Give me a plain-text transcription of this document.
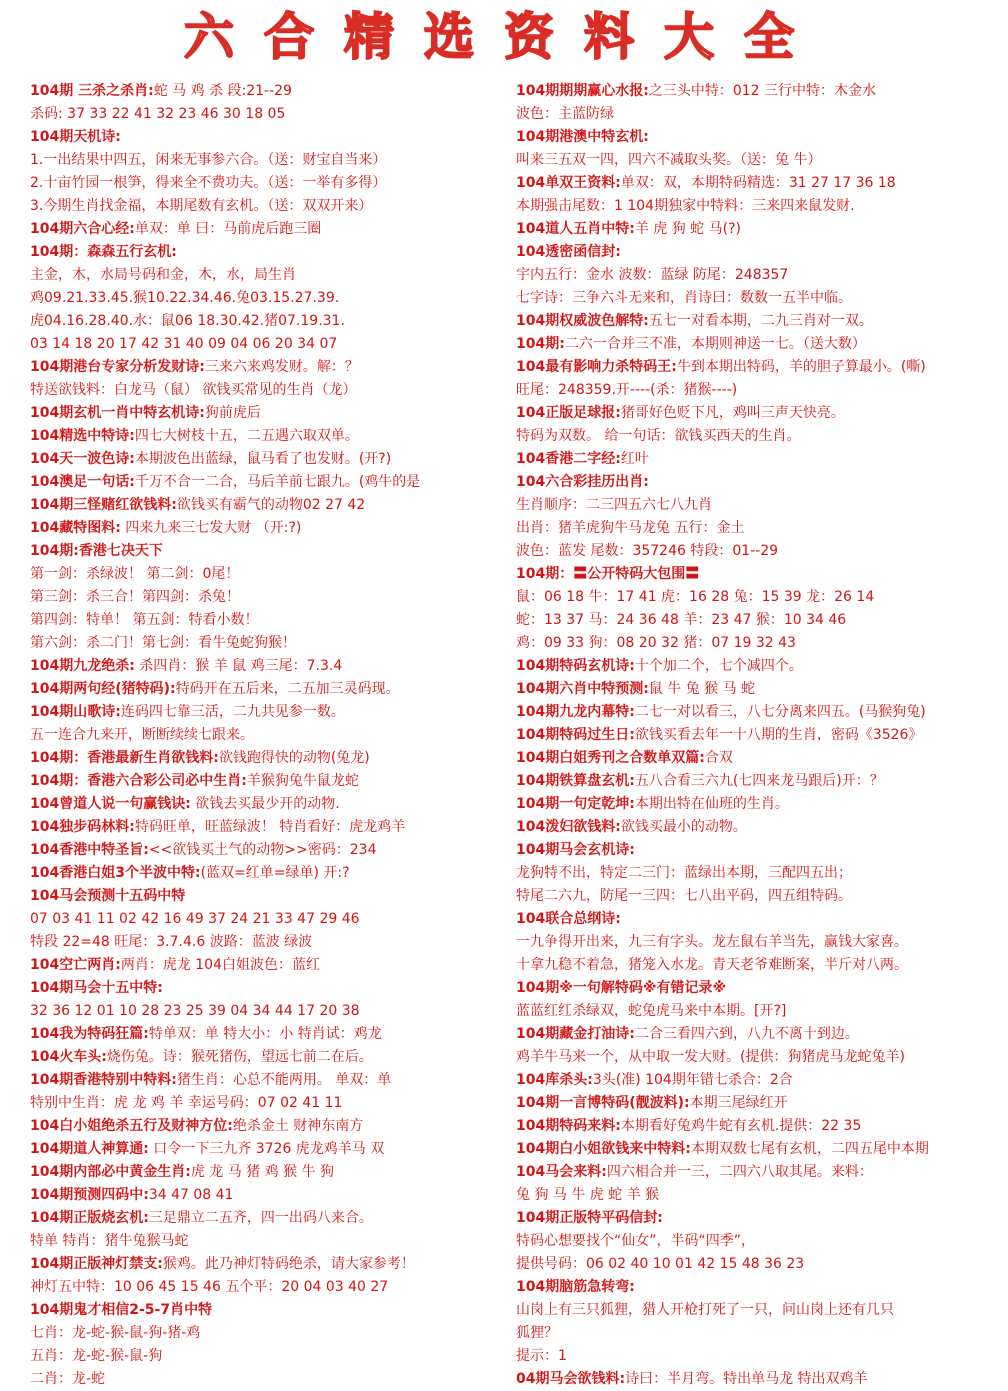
六合精选资料大全
104期 三杀之杀肖:蛇 马 鸡 杀 段:21--29
杀码: 37 33 22 41 32 23 46 30 18 05
104期天机诗:
1.一出结果中四五，闲来无事参六合。（送：财宝自当来）
2.十亩竹园一根笋，得来全不费功夫。（送：一举有多得）
3.今期生肖找金福，本期尾数有玄机。（送：双双开来）
104期六合心经:单双：单 曰：马前虎后跑三圈
104期：森森五行玄机:
主金，木，水局号码和金，木，水，局生肖
鸡09.21.33.45.猴10.22.34.46.兔03.15.27.39.
虎04.16.28.40.水：鼠06 18.30.42.猪07.19.31.
03 14 18 20 17 42 31 40 09 04 06 20 34 07
104期港台专家分析发财诗:三来六来鸡发财。解：？
特送欲钱料：白龙马（鼠） 欲钱买常见的生肖（龙）
104期玄机一肖中特玄机诗:狗前虎后
104精选中特诗:四七大树枝十五，二五遇六取双单。
104天一波色诗:本期波色出蓝绿，鼠马看了也发财。(开?)
104澳足一句话:千万不合一二合，马后羊前七跟九。(鸡牛的是
104期三怪赌红欲钱料:欲钱买有霸气的动物02 27 42
104藏特图料: 四来九来三七发大财 （开:?)
104期:香港七决天下
第一剑：杀绿波！ 第二剑：0尾！
第三剑：杀三合！第四剑：杀兔！
第四剑：特单！ 第五剑：特看小数！
第六剑：杀二门！第七剑：看牛兔蛇狗猴！
104期九龙绝杀: 杀四肖：猴 羊 鼠 鸡三尾：7.3.4
104期两句经(猪特码):特码开在五后来，二五加三灵码现。
104期山歌诗:连码四七靠三活，二九共见参一数。
五一连合九来开，断断续续七跟来。
104期：香港最新生肖欲钱料:欲钱跑得快的动物(兔龙)
104期：香港六合彩公司必中生肖:羊猴狗兔牛鼠龙蛇
104曾道人说一句赢钱诀: 欲钱去买最少开的动物.
104独步码林料:特码旺单，旺蓝绿波！ 特肖看好：虎龙鸡羊
104香港中特圣旨:<<欲钱买土气的动物>>密码：234
104香港白姐3个半波中特:(蓝双=红单=绿单) 开:?
104马会预测十五码中特
07 03 41 11 02 42 16 49 37 24 21 33 47 29 46
特段 22=48 旺尾：3.7.4.6 波路：蓝波 绿波
104空亡两肖:两肖：虎龙 104白姐波色：蓝红
104期马会十五中特:
32 36 12 01 10 28 23 25 39 04 34 44 17 20 38
104我为特码狂篇:特单双：单 特大小：小 特肖试：鸡龙
104火车头:烧伤兔。诗：猴死猪伤，望远七前二在后。
104期香港特别中特料:猪生肖：心总不能两用。 单双：单
特别中生肖：虎 龙 鸡 羊 幸运号码：07 02 41 11
104白小姐绝杀五行及财神方位:绝杀金土 财神东南方
104期道人神算通: 口令一下三九齐 3726 虎龙鸡羊马 双
104期内部必中黄金生肖:虎 龙 马 猪 鸡 猴 牛 狗
104期预测四码中:34 47 08 41
104期正版烧玄机:三足鼎立二五齐，四一出码八来合。
特单 特肖：猪牛兔猴马蛇
104期正版神灯禁支:猴鸡。此乃神灯特码绝杀，请大家参考！
神灯五中特：10 06 45 15 46 五个平：20 04 03 40 27
104期鬼才相信2-5-7肖中特
七肖：龙-蛇-猴-鼠-狗-猪-鸡
五肖：龙-蛇-猴-鼠-狗
二肖：龙-蛇
104期期期赢心水报:之三头中特：012 三行中特：木金水
波色：主蓝防绿
104期港澳中特玄机:
叫来三五双一四，四六不减取头奖。（送：兔 牛）
104单双王资料:单双：双，本期特码精选：31 27 17 36 18
本期强击尾数：1 104期独家中特料：三来四来鼠发财.
104道人五肖中特:羊 虎 狗 蛇 马(?)
104透密函信封:
宇内五行：金水 波数：蓝绿 防尾：248357
七字诗：三争六斗无来和，肖诗曰：数数一五半中临。
104期权威波色解特:五七一对看本期，二九三肖对一双。
104期:二六一合并三不准，本期则神送一七。（送大数）
104最有影响力杀特码王:牛到本期出特码，羊的胆子算最小。(嘶)
旺尾：248359.开----(杀：猪猴----)
104正版足球报:猪哥好色贬下凡，鸡叫三声天快亮。
特码为双数。 给一句话：欲钱买西天的生肖。
104香港二字经:红叶
104六合彩挂历出肖:
生肖顺序：二三四五六七八九肖
出肖：猪羊虎狗牛马龙兔 五行：金土
波色：蓝发 尾数：357246 特段：01--29
104期：〓公开特码大包围〓
鼠：06 18 牛：17 41 虎：16 28 兔：15 39 龙：26 14
蛇：13 37 马：24 36 48 羊：23 47 猴：10 34 46
鸡：09 33 狗：08 20 32 猪：07 19 32 43
104期特码玄机诗:十个加二个，七个减四个。
104期六肖中特预测:鼠 牛 兔 猴 马 蛇
104期九龙内幕特:二七一对以看三，八七分离来四五。(马猴狗兔)
104期特码过生日:欲钱买看去年一十八期的生肖，密码《3526》
104期白姐秀刊之合数单双篇:合双
104期铁算盘玄机:五八合看三六九(七四来龙马跟后)开：？
104期一句定乾坤:本期出特在仙班的生肖。
104泼妇欲钱料:欲钱买最小的动物。
104期马会玄机诗:
龙狗特不出，特定二三门：蓝绿出本期，三配四五出；
特尾二六九，防尾一三四：七八出平码，四五组特码。
104联合总纲诗:
一九争得开出来，九三有字头。龙左鼠右羊当先，赢钱大家喜。
十拿九稳不着急，猪笼入水龙。青天老爷难断案，半斤对八两。
104期※一句解特码※有错记录※
蓝蓝红红杀绿双，蛇兔虎马来中本期。[开?]
104期藏金打油诗:二合三看四六到，八九不离十到边。
鸡羊牛马来一个，从中取一发大财。(提供：狗猪虎马龙蛇兔羊)
104库杀头:3头(准) 104期年错七杀合：2合
104期一言博特码(靓波料):本期三尾绿红开
104期特码来料:本期看好兔鸡牛蛇有玄机.提供：22 35
104期白小姐欲钱来中特料:本期双数七尾有玄机，二四五尾中本期
104马会来料:四六相合并一三，二四六八取其尾。来料：
兔 狗 马 牛 虎 蛇 羊 猴
104期正版特平码信封:
特码心想要找个“仙女”，半码“四季”，
提供号码：06 02 40 10 01 42 15 48 36 23
104期脑筋急转弯:
山岗上有三只狐狸，猎人开枪打死了一只，问山岗上还有几只
狐狸？
提示：1
04期马会欲钱料:诗曰：半月弯。特出单马龙 特出双鸡羊
